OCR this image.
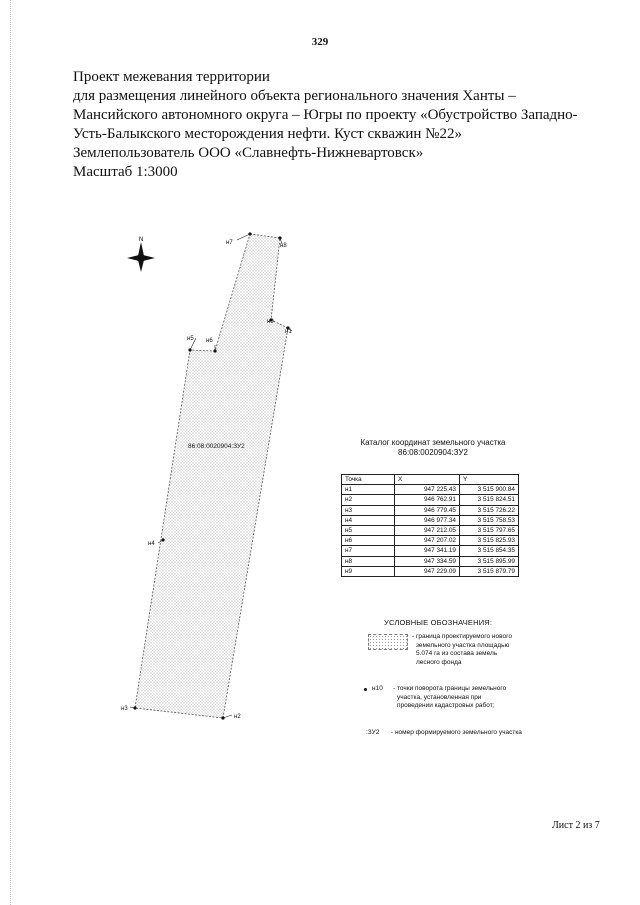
329
Проект межевания территории
для размещения линейного объекта регионального значения Ханты –
Мансийского автономного округа – Югры по проекту «Обустройство Западно-
Усть-Балыкского месторождения нефти. Куст скважин №22»
Землепользователь ООО «Славнефть-Нижневартовск»
Масштаб 1:3000
N	н7	н8
н9
н1
н5 н6
н4
н3
н2
86:08:0020904:ЗУ2	Каталог координат земельного участка
86:08:0020904:ЗУ2
Точка	X	Y
н1	947 225.43	3 515 900.84
н2	946 762.91	3 515 824.51
н3	946 779.45	3 515 726.22
н4	946 977.34	3 515 758.53
н5	947 212.05	3 515 797.65
н6	947 207.02	3 515 825.93
н7	947 341.19	3 515 854.35
н8	947 334.59	3 515 895.99
н9	947 229.09	3 515 879.79
УСЛОВНЫЕ ОБОЗНАЧЕНИЯ:
- граница проектируемого нового
земельного участка площадью
5.074 га из состава земель
лесного фонда
н10 - точки поворота границы земельного
участка, установленная при
проведении кадастровых работ;
:ЗУ2 - номер формируемого земельного участка
Лист 2 из 7
